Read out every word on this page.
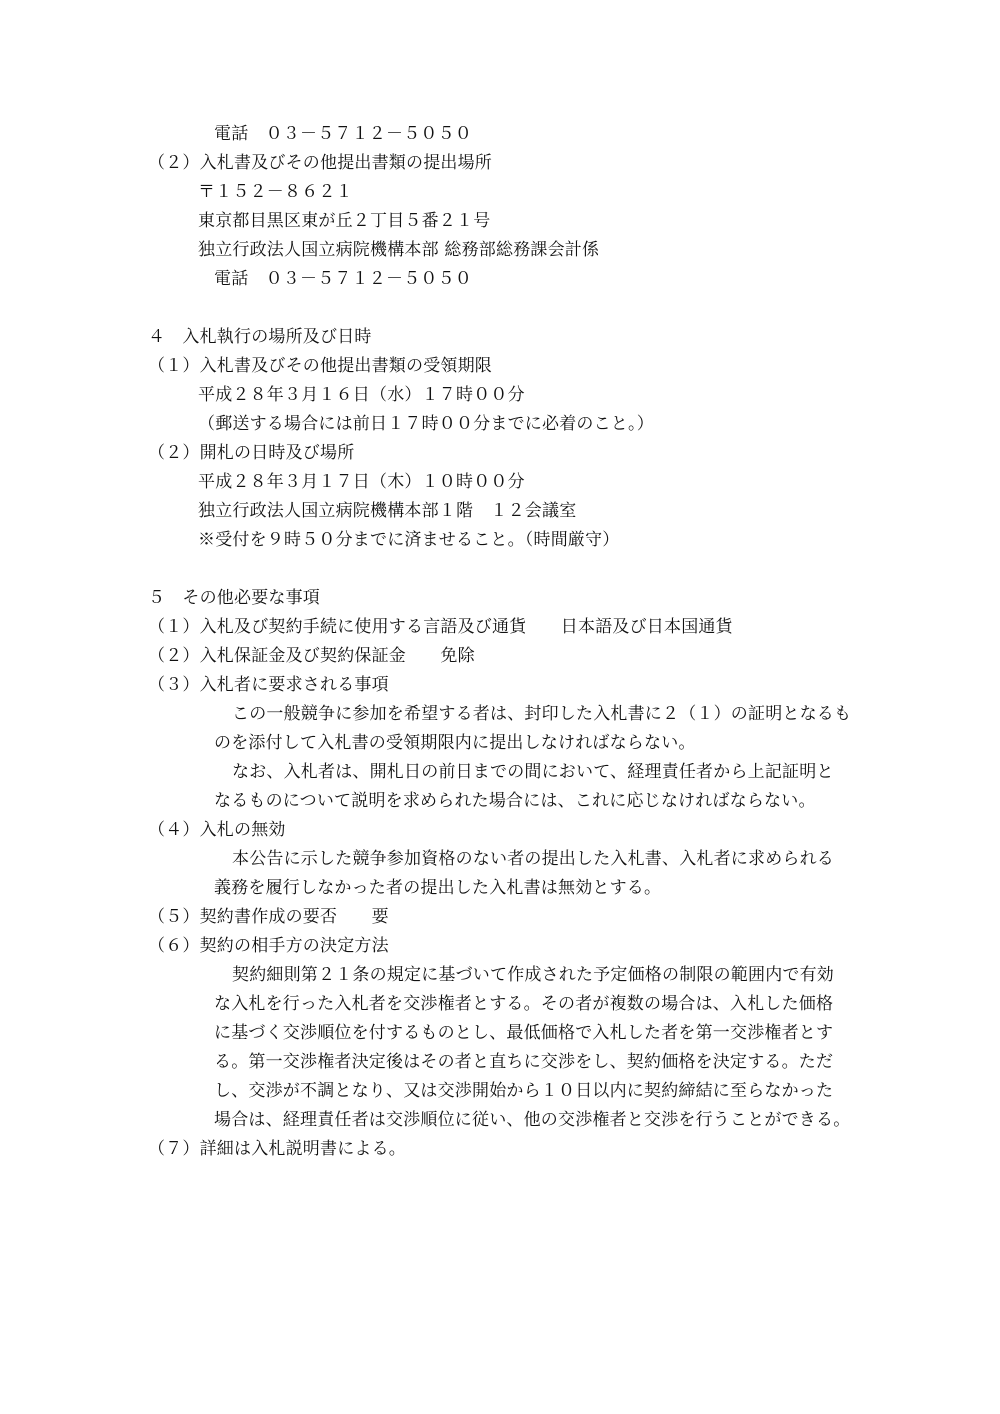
電話　０３－５７１２－５０５０
（２）入札書及びその他提出書類の提出場所
〒１５２－８６２１
東京都目黒区東が丘２丁目５番２１号
独立行政法人国立病院機構本部 総務部総務課会計係
電話　０３－５７１２－５０５０
４　入札執行の場所及び日時
（１）入札書及びその他提出書類の受領期限
平成２８年３月１６日（水）１７時００分
（郵送する場合には前日１７時００分までに必着のこと。）
（２）開札の日時及び場所
平成２８年３月１７日（木）１０時００分
独立行政法人国立病院機構本部１階　１２会議室
※受付を９時５０分までに済ませること。（時間厳守）
５　その他必要な事項
（１）入札及び契約手続に使用する言語及び通貨　　日本語及び日本国通貨
（２）入札保証金及び契約保証金　　免除
（３）入札者に要求される事項
この一般競争に参加を希望する者は、封印した入札書に２（１）の証明となるも
のを添付して入札書の受領期限内に提出しなければならない。
なお、入札者は、開札日の前日までの間において、経理責任者から上記証明と
なるものについて説明を求められた場合には、これに応じなければならない。
（４）入札の無効
本公告に示した競争参加資格のない者の提出した入札書、入札者に求められる
義務を履行しなかった者の提出した入札書は無効とする。
（５）契約書作成の要否　　要
（６）契約の相手方の決定方法
契約細則第２１条の規定に基づいて作成された予定価格の制限の範囲内で有効
な入札を行った入札者を交渉権者とする。その者が複数の場合は、入札した価格
に基づく交渉順位を付するものとし、最低価格で入札した者を第一交渉権者とす
る。第一交渉権者決定後はその者と直ちに交渉をし、契約価格を決定する。ただ
し、交渉が不調となり、又は交渉開始から１０日以内に契約締結に至らなかった
場合は、経理責任者は交渉順位に従い、他の交渉権者と交渉を行うことができる。
（７）詳細は入札説明書による。
